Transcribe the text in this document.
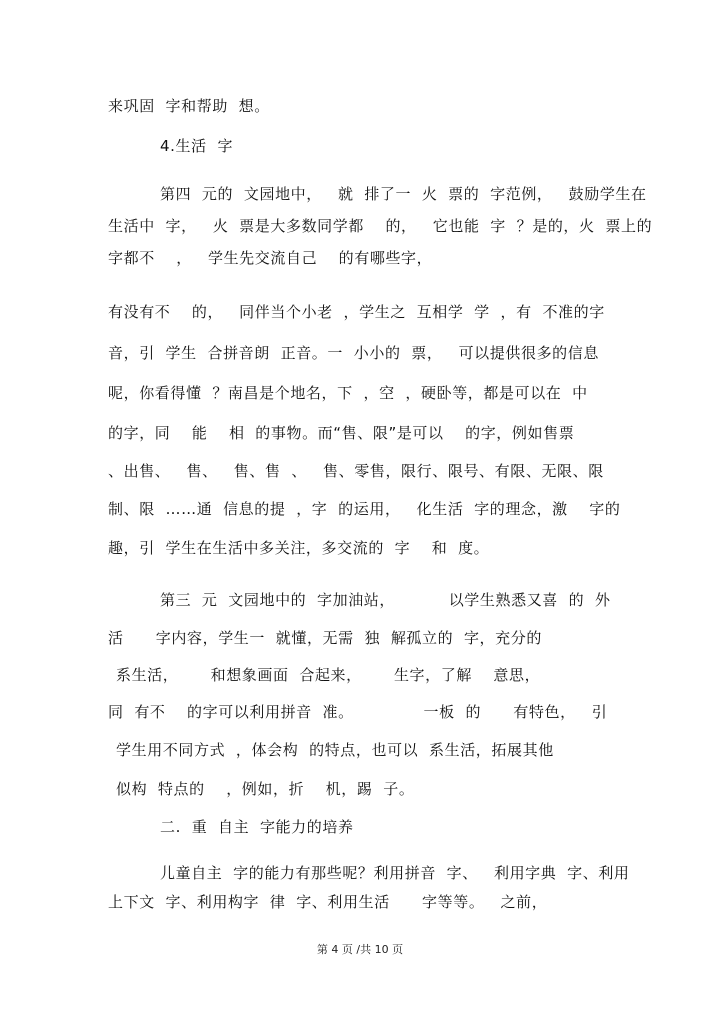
来巩固  字和帮助  想。
4.生活  字
第四  元的  文园地中，   就  排了一  火  票的  字范例，   鼓励学生在
生活中  字，   火  票是大多数同学都    的，   它也能  字  ？是的，火  票上的
字都不    ，   学生先交流自己    的有哪些字，
有没有不    的，   同伴当个小老  ，学生之  互相学  学  ，有  不准的字
音，引  学生  合拼音朗  正音。一  小小的  票，   可以提供很多的信息
呢，你看得懂  ？南昌是个地名，下  ，空  ，硬卧等，都是可以在  中
的字，同    能    相  的事物。而“售、限”是可以    的字，例如售票
、出售、   售、   售、售  、   售、零售，限行、限号、有限、无限、限
制、限  ……通  信息的提  ，字  的运用，   化生活  字的理念，激    字的
趣，引  学生在生活中多关注，多交流的  字    和  度。
第三  元  文园地中的  字加油站，          以学生熟悉又喜  的  外
活      字内容，学生一  就懂，无需  独  解孤立的  字，充分的
系生活，      和想象画面  合起来，      生字，了解    意思，
同  有不    的字可以利用拼音  准。             一板  的      有特色，   引
学生用不同方式  ，体会构  的特点，也可以  系生活，拓展其他
似构  特点的    ，例如，折    机，踢  子。
二.  重  自主  字能力的培养
儿童自主  字的能力有那些呢？利用拼音  字、   利用字典  字、利用
上下文  字、利用构字  律  字、利用生活      字等等。   之前，
第 4 页 /共 10 页
